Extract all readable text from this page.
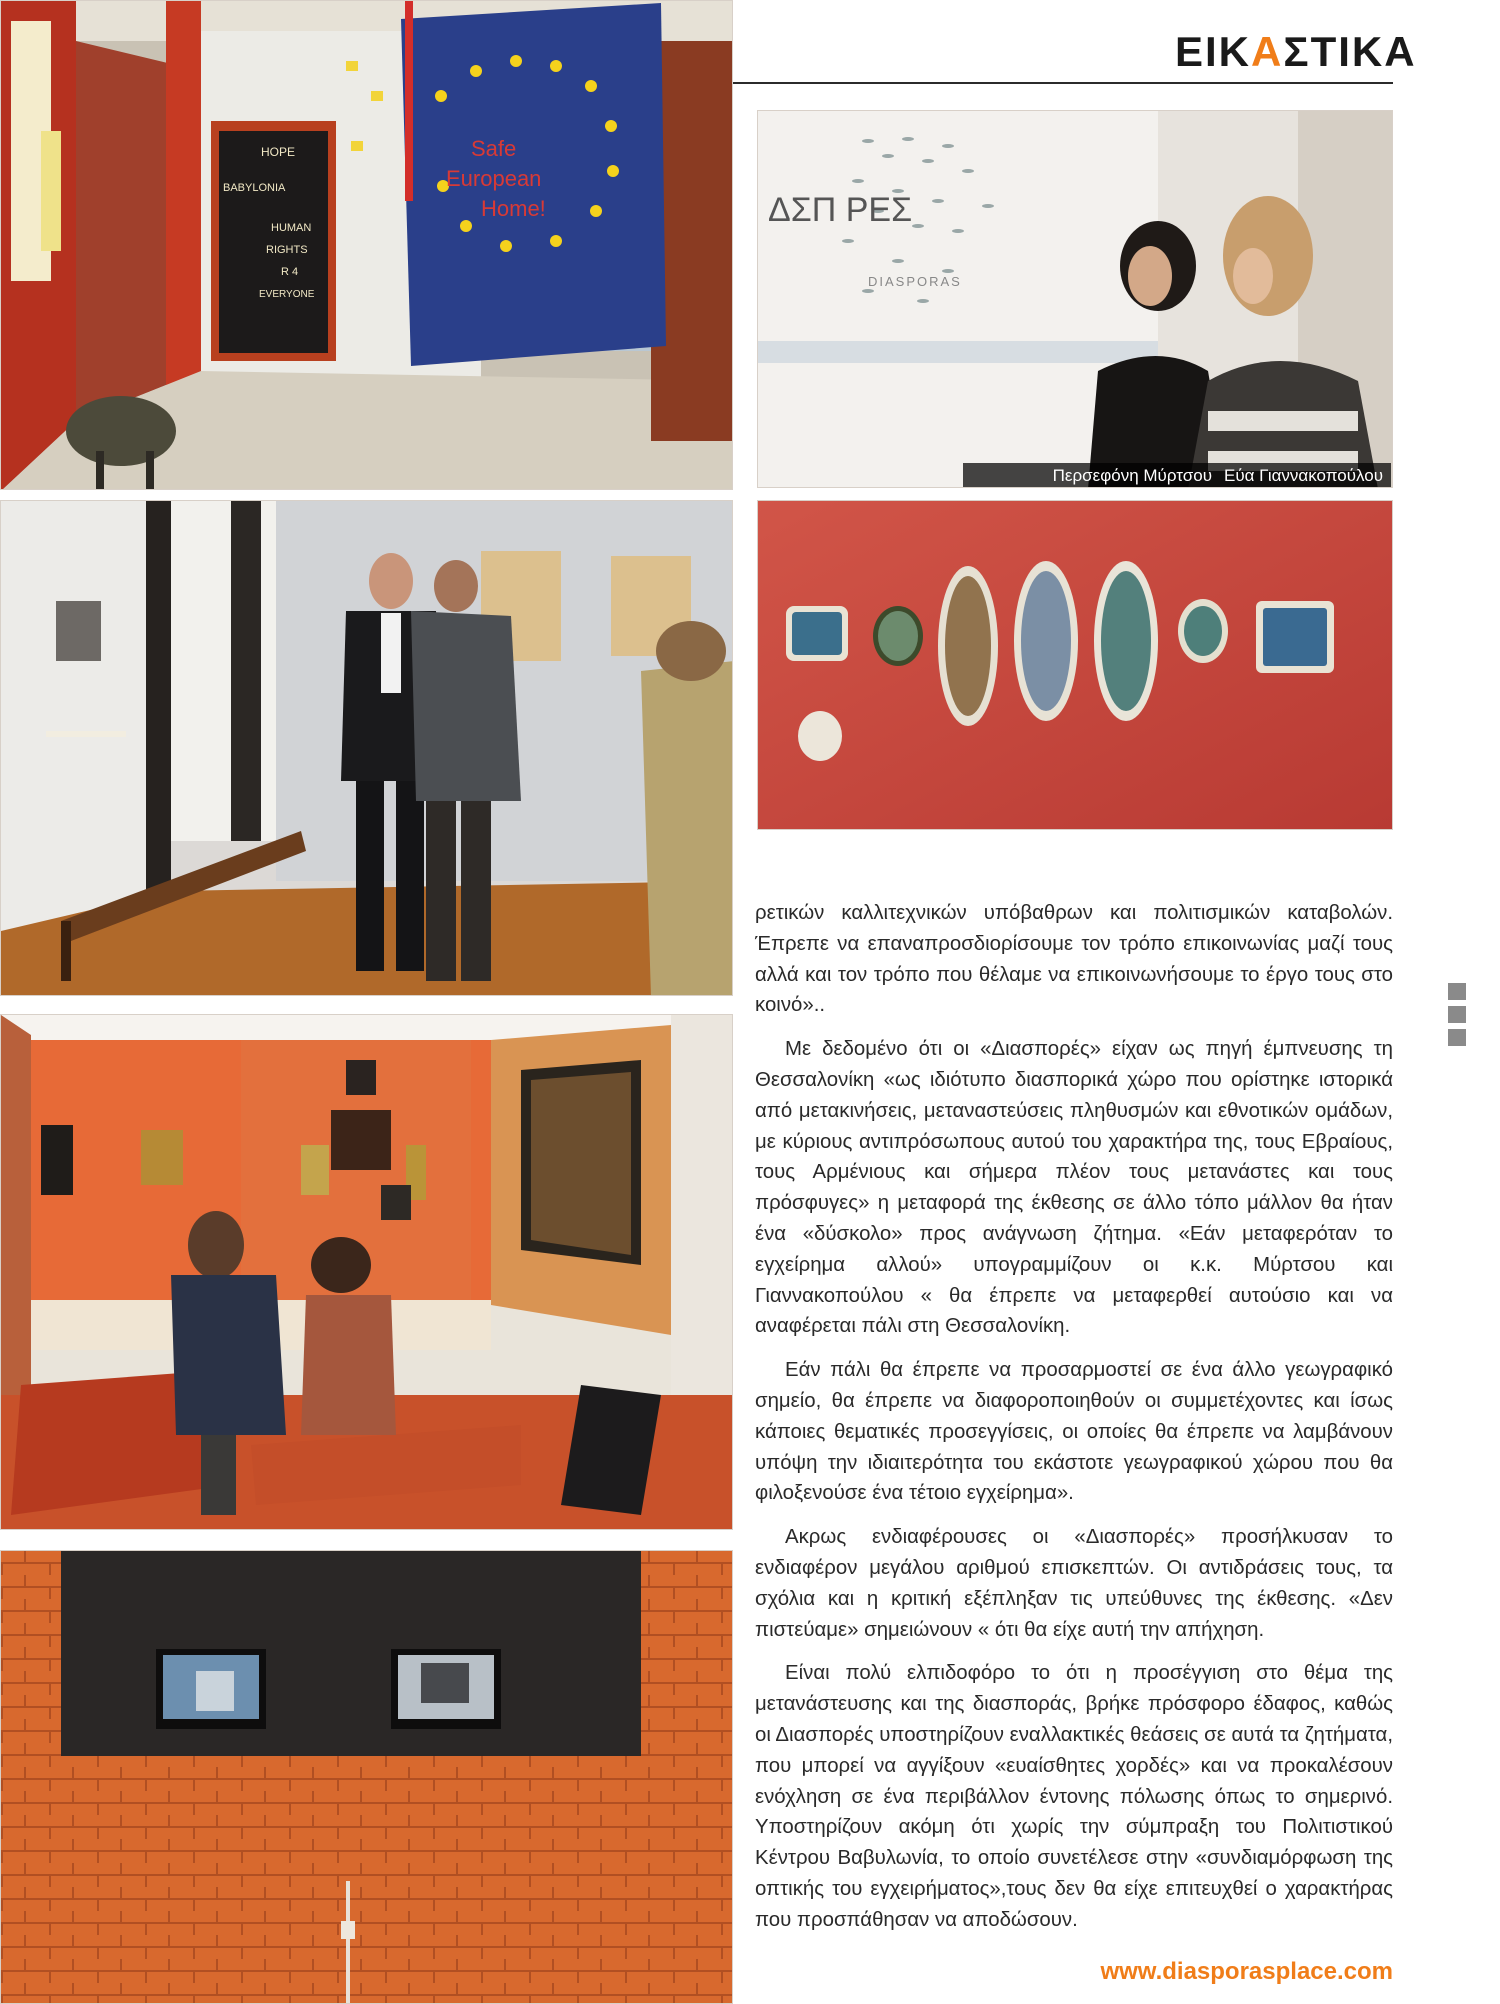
ΕΙΚΑΣΤΙΚΑ
HOPE
BABYLONIA
HUMAN
RIGHTS
R 4
EVERYONE
Safe
European
Home!	ΔΣΠ ΡΕΣ
DIASPORAS
Περσεφόνη Μύρτσου Εύα Γιαννακοπούλου

ρετικών καλλιτεχνικών υπόβαθρων και πολιτισμικών καταβολών. Έπρεπε να επαναπροσδιορίσουμε τον τρόπο επικοινωνίας μαζί τους αλλά και τον τρόπο που θέλαμε να επικοινωνήσουμε το έργο τους στο κοινό»..

Με δεδομένο ότι οι «Διασπορές» είχαν ως πηγή έμπνευσης τη Θεσσαλονίκη «ως ιδιότυπο διασπορικά χώρο που ορίστηκε ιστορικά από μετακινήσεις, μεταναστεύσεις πληθυσμών και εθνοτικών ομάδων, με κύριους αντιπρόσωπους αυτού του χαρακτήρα της, τους Εβραίους, τους Αρμένιους και σήμερα πλέον τους μετανάστες και τους πρόσφυγες» η μεταφορά της έκθεσης σε άλλο τόπο μάλλον θα ήταν ένα «δύσκολο» προς ανάγνωση ζήτημα. «Εάν μεταφερόταν το εγχείρημα αλλού» υπογραμμίζουν οι κ.κ. Μύρτσου και Γιαννακοπούλου « θα έπρεπε να μεταφερθεί αυτούσιο και να αναφέρεται πάλι στη Θεσσαλονίκη.

Εάν πάλι θα έπρεπε να προσαρμοστεί σε ένα άλλο γεωγραφικό σημείο, θα έπρεπε να διαφοροποιηθούν οι συμμετέχοντες και ίσως κάποιες θεματικές προσεγγίσεις, οι οποίες θα έπρεπε να λαμβάνουν υπόψη την ιδιαιτερότητα του εκάστοτε γεωγραφικού χώρου που θα φιλοξενούσε ένα τέτοιο εγχείρημα».

Ακρως ενδιαφέρουσες οι «Διασπορές» προσήλκυσαν το ενδιαφέρον μεγάλου αριθμού επισκεπτών. Οι αντιδράσεις τους, τα σχόλια και η κριτική εξέπληξαν τις υπεύθυνες της έκθεσης. «Δεν πιστεύαμε» σημειώνουν « ότι θα είχε αυτή την απήχηση.

Είναι πολύ ελπιδοφόρο το ότι η προσέγγιση στο θέμα της μετανάστευσης και της διασποράς, βρήκε πρόσφορο έδαφος, καθώς οι Διασπορές υποστηρίζουν εναλλακτικές θεάσεις σε αυτά τα ζητήματα, που μπορεί να αγγίξουν «ευαίσθητες χορδές» και να προκαλέσουν ενόχληση σε ένα περιβάλλον έντονης πόλωσης όπως το σημερινό. Υποστηρίζουν ακόμη ότι χωρίς την σύμπραξη του Πολιτιστικού Κέντρου Βαβυλωνία, το οποίο συνετέλεσε στην «συνδιαμόρφωση της οπτικής του εγχειρήματος»,τους δεν θα είχε επιτευχθεί ο χαρακτήρας που προσπάθησαν να αποδώσουν.

www.diasporasplace.com
